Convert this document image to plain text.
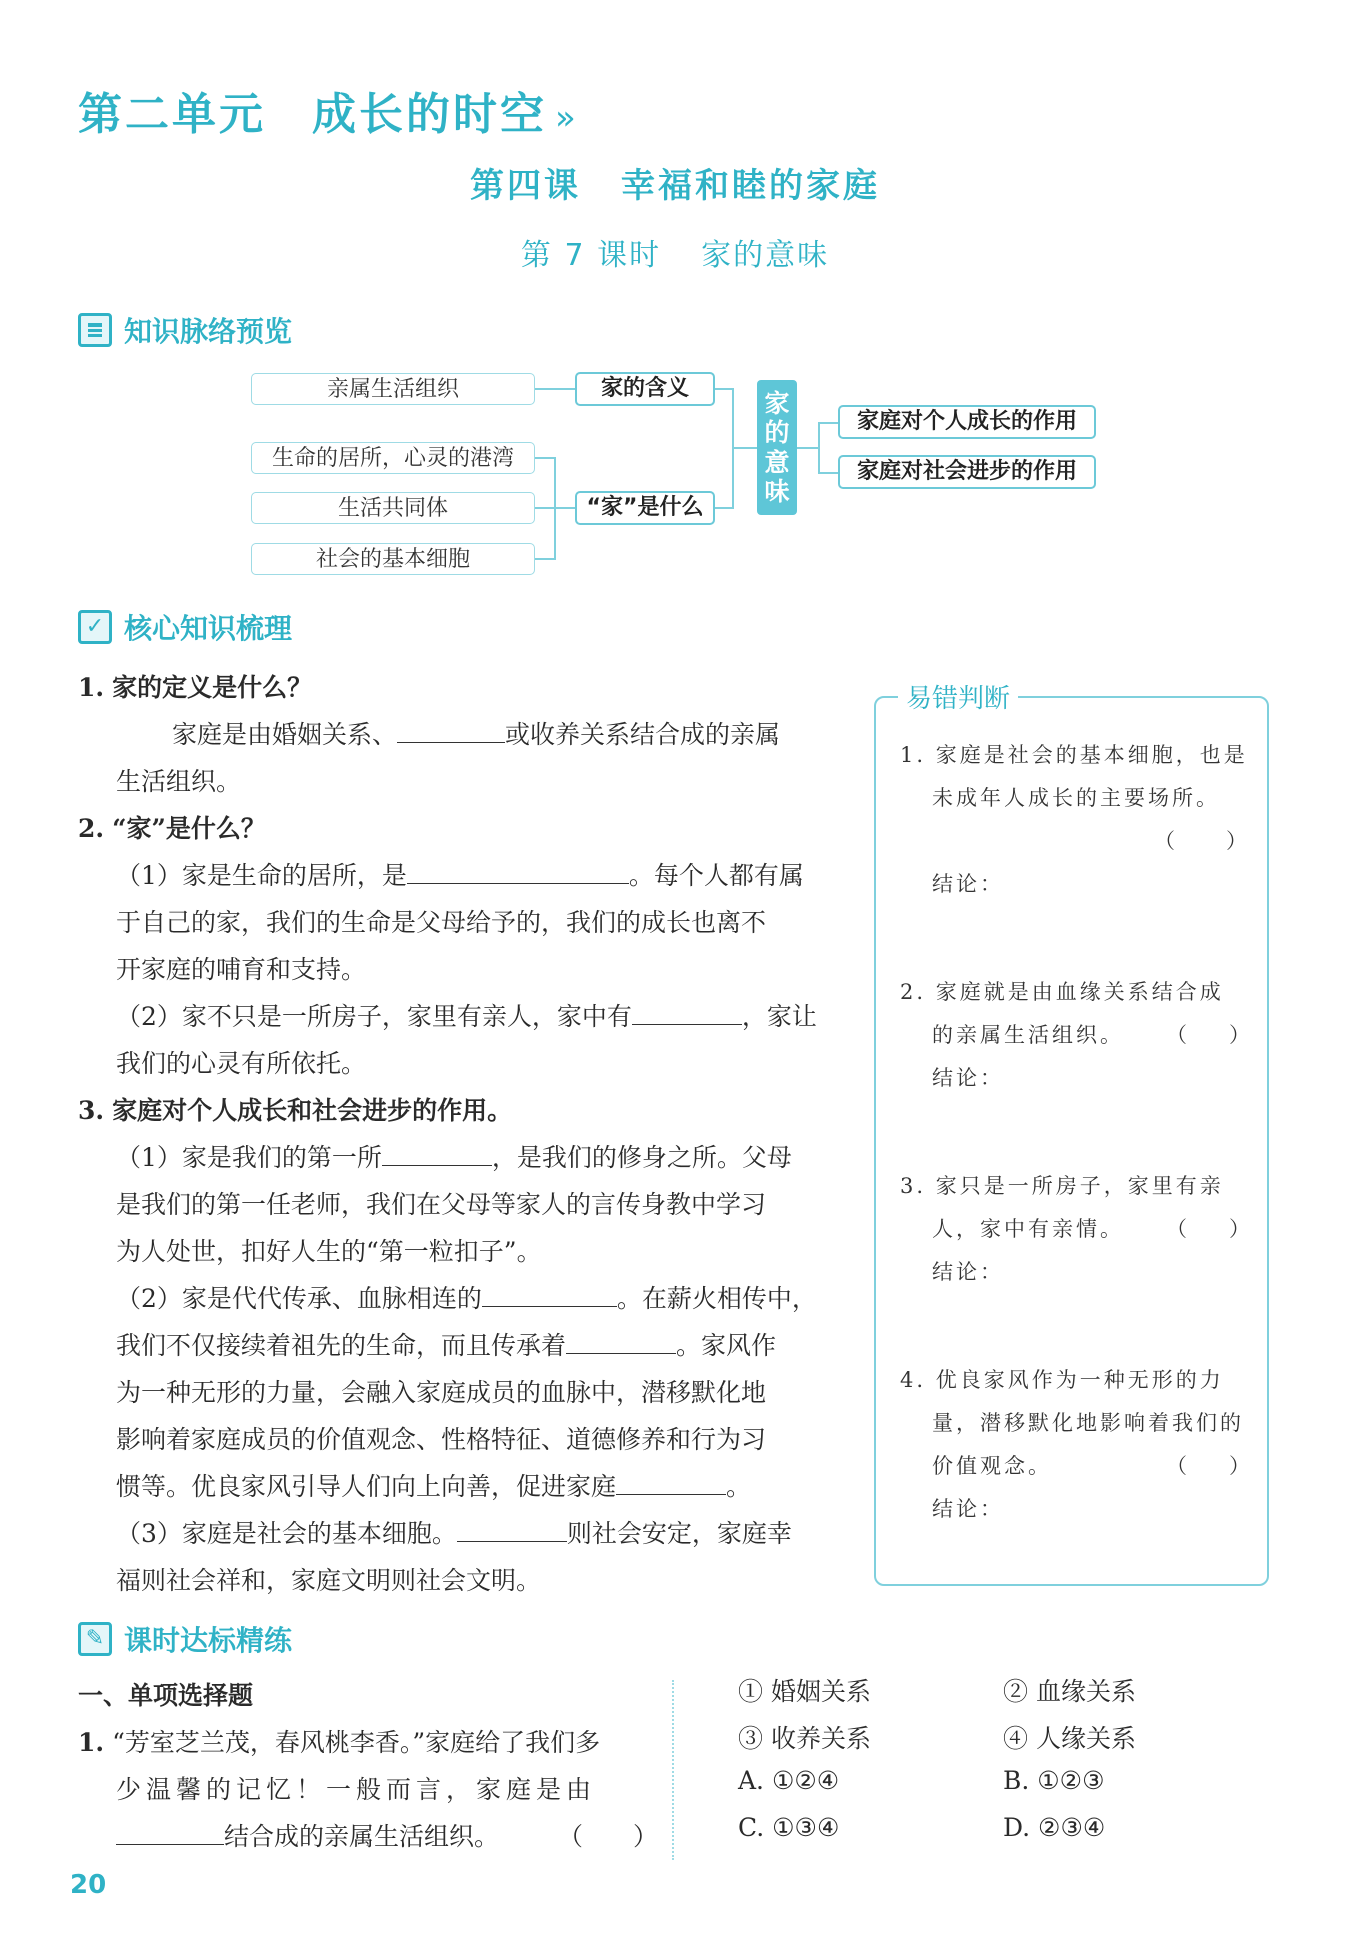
第二单元 成长的时空 »
第四课 幸福和睦的家庭
第 7 课时 家的意味
知识脉络预览
亲属生活组织
生命的居所，心灵的港湾
生活共同体
社会的基本细胞
家的含义
“家”是什么
家
的
意
味
家庭对个人成长的作用
家庭对社会进步的作用
✓ 核心知识梳理
1. 家的定义是什么？
家庭是由婚姻关系、	或收养关系结合成的亲属
生活组织。
2. “家”是什么？
（1）家是生命的居所，是	。每个人都有属
于自己的家，我们的生命是父母给予的，我们的成长也离不
开家庭的哺育和支持。
（2）家不只是一所房子，家里有亲人，家中有	，家让
我们的心灵有所依托。
3. 家庭对个人成长和社会进步的作用。
（1）家是我们的第一所	，是我们的修身之所。父母
是我们的第一任老师，我们在父母等家人的言传身教中学习
为人处世，扣好人生的“第一粒扣子”。
（2）家是代代传承、血脉相连的	。在薪火相传中，
我们不仅接续着祖先的生命，而且传承着	。家风作
为一种无形的力量，会融入家庭成员的血脉中，潜移默化地
影响着家庭成员的价值观念、性格特征、道德修养和行为习
惯等。优良家风引导人们向上向善，促进家庭	。
（3）家庭是社会的基本细胞。	则社会安定，家庭幸
福则社会祥和，家庭文明则社会文明。
易错判断
1. 家庭是社会的基本细胞，也是
未成年人成长的主要场所。
（　　）
结论：
2. 家庭就是由血缘关系结合成
的亲属生活组织。 （　　）
结论：
3. 家只是一所房子，家里有亲
人，家中有亲情。 （　　）
结论：
4. 优良家风作为一种无形的力
量，潜移默化地影响着我们的
价值观念。	（　　）
结论：
✎ 课时达标精练
一、单项选择题
1. “芳室芝兰茂，春风桃李香。”家庭给了我们多
少温馨的记忆！一般而言，家庭是由
结合成的亲属生活组织。 （　　）
① 婚姻关系	② 血缘关系
③ 收养关系	④ 人缘关系
A. ①②④	B. ①②③
C. ①③④	D. ②③④
20
